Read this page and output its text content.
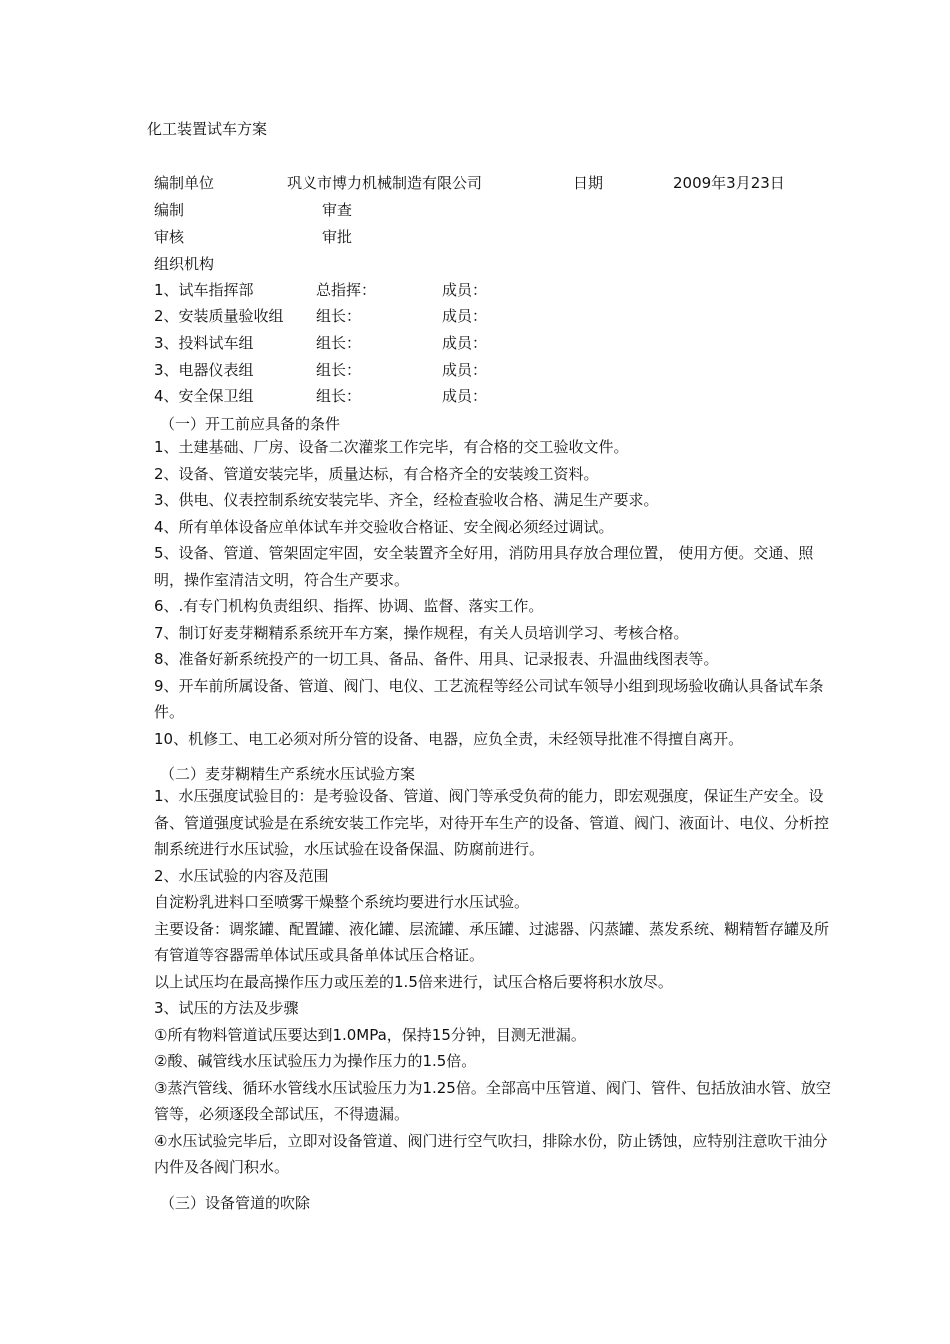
化工装置试车方案
编制单位	巩义市博力机械制造有限公司	日期	2009年3月23日
编制	审查
审核	审批
组织机构
1、试车指挥部	总指挥：	成员：
2、安装质量验收组 组长：	成员：
3、投料试车组	组长：	成员：
3、电器仪表组	组长：	成员：
4、安全保卫组	组长：	成员：
（一）开工前应具备的条件
1、土建基础、厂房、设备二次灌浆工作完毕，有合格的交工验收文件。
2、设备、管道安装完毕，质量达标，有合格齐全的安装竣工资料。
3、供电、仪表控制系统安装完毕、齐全，经检查验收合格、满足生产要求。
4、所有单体设备应单体试车并交验收合格证、安全阀必须经过调试。
5、设备、管道、管架固定牢固，安全装置齐全好用，消防用具存放合理位置， 使用方便。交通、照明，操作室清洁文明，符合生产要求。
6、.有专门机构负责组织、指挥、协调、监督、落实工作。
7、制订好麦芽糊精系系统开车方案，操作规程，有关人员培训学习、考核合格。
8、准备好新系统投产的一切工具、备品、备件、用具、记录报表、升温曲线图表等。
9、开车前所属设备、管道、阀门、电仪、工艺流程等经公司试车领导小组到现场验收确认具备试车条件。
10、机修工、电工必须对所分管的设备、电器，应负全责，未经领导批准不得擅自离开。
（二）麦芽糊精生产系统水压试验方案
1、水压强度试验目的：是考验设备、管道、阀门等承受负荷的能力，即宏观强度，保证生产安全。设备、管道强度试验是在系统安装工作完毕，对待开车生产的设备、管道、阀门、液面计、电仪、分析控制系统进行水压试验，水压试验在设备保温、防腐前进行。
2、水压试验的内容及范围
自淀粉乳进料口至喷雾干燥整个系统均要进行水压试验。
主要设备：调浆罐、配置罐、液化罐、层流罐、承压罐、过滤器、闪蒸罐、蒸发系统、糊精暂存罐及所有管道等容器需单体试压或具备单体试压合格证。
以上试压均在最高操作压力或压差的1.5倍来进行，试压合格后要将积水放尽。
3、试压的方法及步骤
①所有物料管道试压要达到1.0MPa，保持15分钟，目测无泄漏。
②酸、碱管线水压试验压力为操作压力的1.5倍。
③蒸汽管线、循环水管线水压试验压力为1.25倍。全部高中压管道、阀门、管件、包括放油水管、放空管等，必须逐段全部试压，不得遗漏。
④水压试验完毕后，立即对设备管道、阀门进行空气吹扫，排除水份，防止锈蚀，应特别注意吹干油分内件及各阀门积水。
（三）设备管道的吹除
